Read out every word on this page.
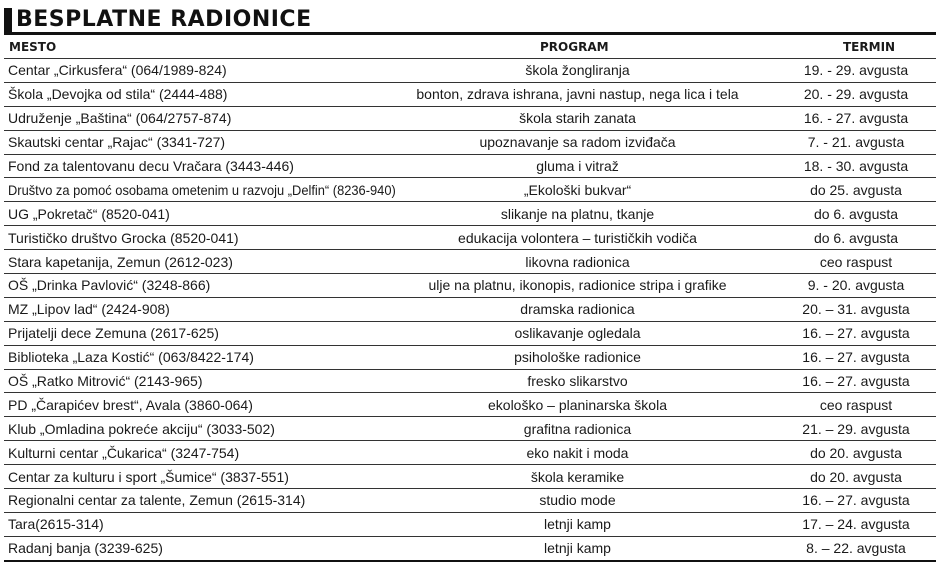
BESPLATNE RADIONICE
MESTO	PROGRAM	TERMIN
Centar „Cirkusfera“ (064/1989-824)	škola žongliranja	19. - 29. avgusta
Škola „Devojka od stila“ (2444-488)	bonton, zdrava ishrana, javni nastup, nega lica i tela	20. - 29. avgusta
Udruženje „Baština“ (064/2757-874)	škola starih zanata	16. - 27. avgusta
Skautski centar „Rajac“ (3341-727)	upoznavanje sa radom izviđača	7. - 21. avgusta
Fond za talentovanu decu Vračara (3443-446)	gluma i vitraž	18. - 30. avgusta
Društvo za pomoć osobama ometenim u razvoju „Delfin“ (8236-940)	„Ekološki bukvar“	do 25. avgusta
UG „Pokretač“ (8520-041)	slikanje na platnu, tkanje	do 6. avgusta
Turističko društvo Grocka (8520-041)	edukacija volontera – turističkih vodiča	do 6. avgusta
Stara kapetanija, Zemun (2612-023)	likovna radionica	ceo raspust
OŠ „Drinka Pavlović“ (3248-866)	ulje na platnu, ikonopis, radionice stripa i grafike	9. - 20. avgusta
MZ „Lipov lad“ (2424-908)	dramska radionica	20. – 31. avgusta
Prijatelji dece Zemuna (2617-625)	oslikavanje ogledala	16. – 27. avgusta
Biblioteka „Laza Kostić“ (063/8422-174)	psihološke radionice	16. – 27. avgusta
OŠ „Ratko Mitrović“ (2143-965)	fresko slikarstvo	16. – 27. avgusta
PD „Čarapićev brest“, Avala (3860-064)	ekološko – planinarska škola	ceo raspust
Klub „Omladina pokreće akciju“ (3033-502)	grafitna radionica	21. – 29. avgusta
Kulturni centar „Čukarica“ (3247-754)	eko nakit i moda	do 20. avgusta
Centar za kulturu i sport „Šumice“ (3837-551)	škola keramike	do 20. avgusta
Regionalni centar za talente, Zemun (2615-314)	studio mode	16. – 27. avgusta
Tara(2615-314)	letnji kamp	17. – 24. avgusta
Radanj banja (3239-625)	letnji kamp	8. – 22. avgusta
